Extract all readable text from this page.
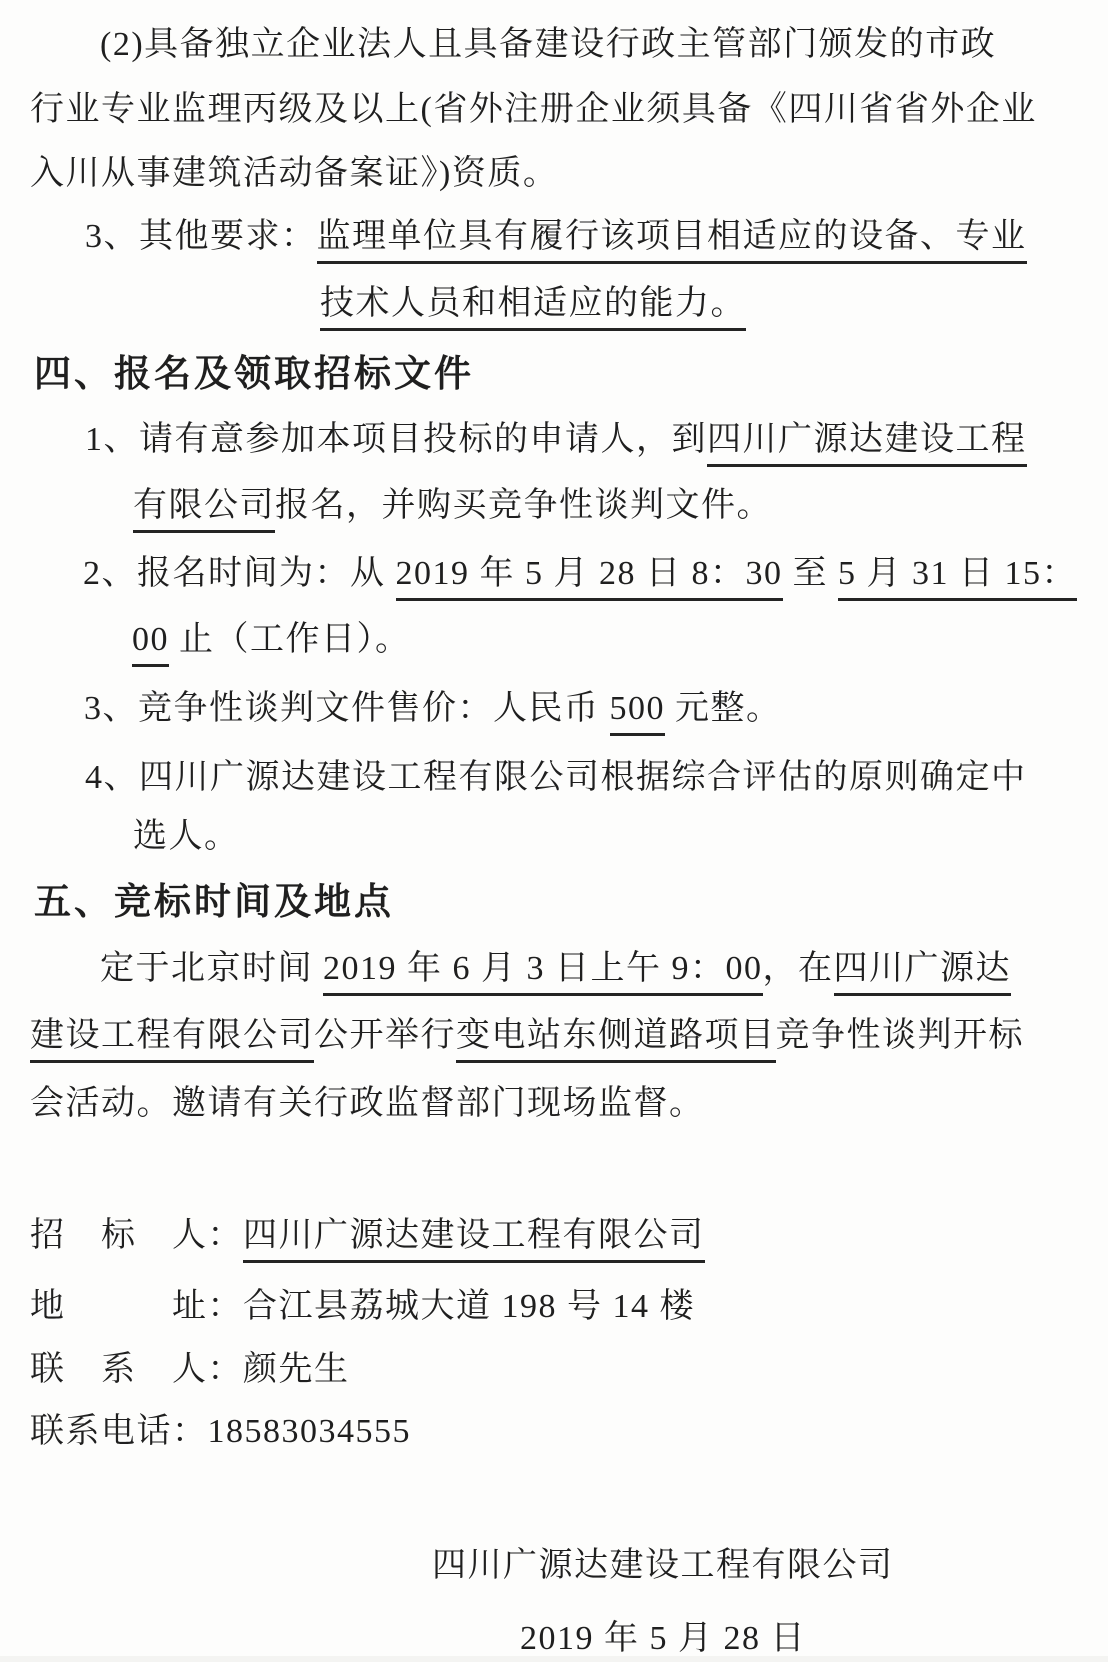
(2)具备独立企业法人且具备建设行政主管部门颁发的市政
行业专业监理丙级及以上(省外注册企业须具备《四川省省外企业
入川从事建筑活动备案证》)资质。
3、其他要求：监理单位具有履行该项目相适应的设备、专业
技术人员和相适应的能力。
四、报名及领取招标文件
1、请有意参加本项目投标的申请人，到四川广源达建设工程
有限公司报名，并购买竞争性谈判文件。
2、报名时间为：从 2019 年 5 月 28 日 8：30 至 5 月 31 日 15：
00 止（工作日）。
3、竞争性谈判文件售价：人民币 500 元整。
4、四川广源达建设工程有限公司根据综合评估的原则确定中
选人。
五、竞标时间及地点
定于北京时间 2019 年 6 月 3 日上午 9：00，在四川广源达
建设工程有限公司公开举行变电站东侧道路项目竞争性谈判开标
会活动。邀请有关行政监督部门现场监督。
招　标　人：四川广源达建设工程有限公司
地　　　址：合江县荔城大道 198 号 14 楼
联　系　人：颜先生
联系电话：18583034555
四川广源达建设工程有限公司
2019 年 5 月 28 日
